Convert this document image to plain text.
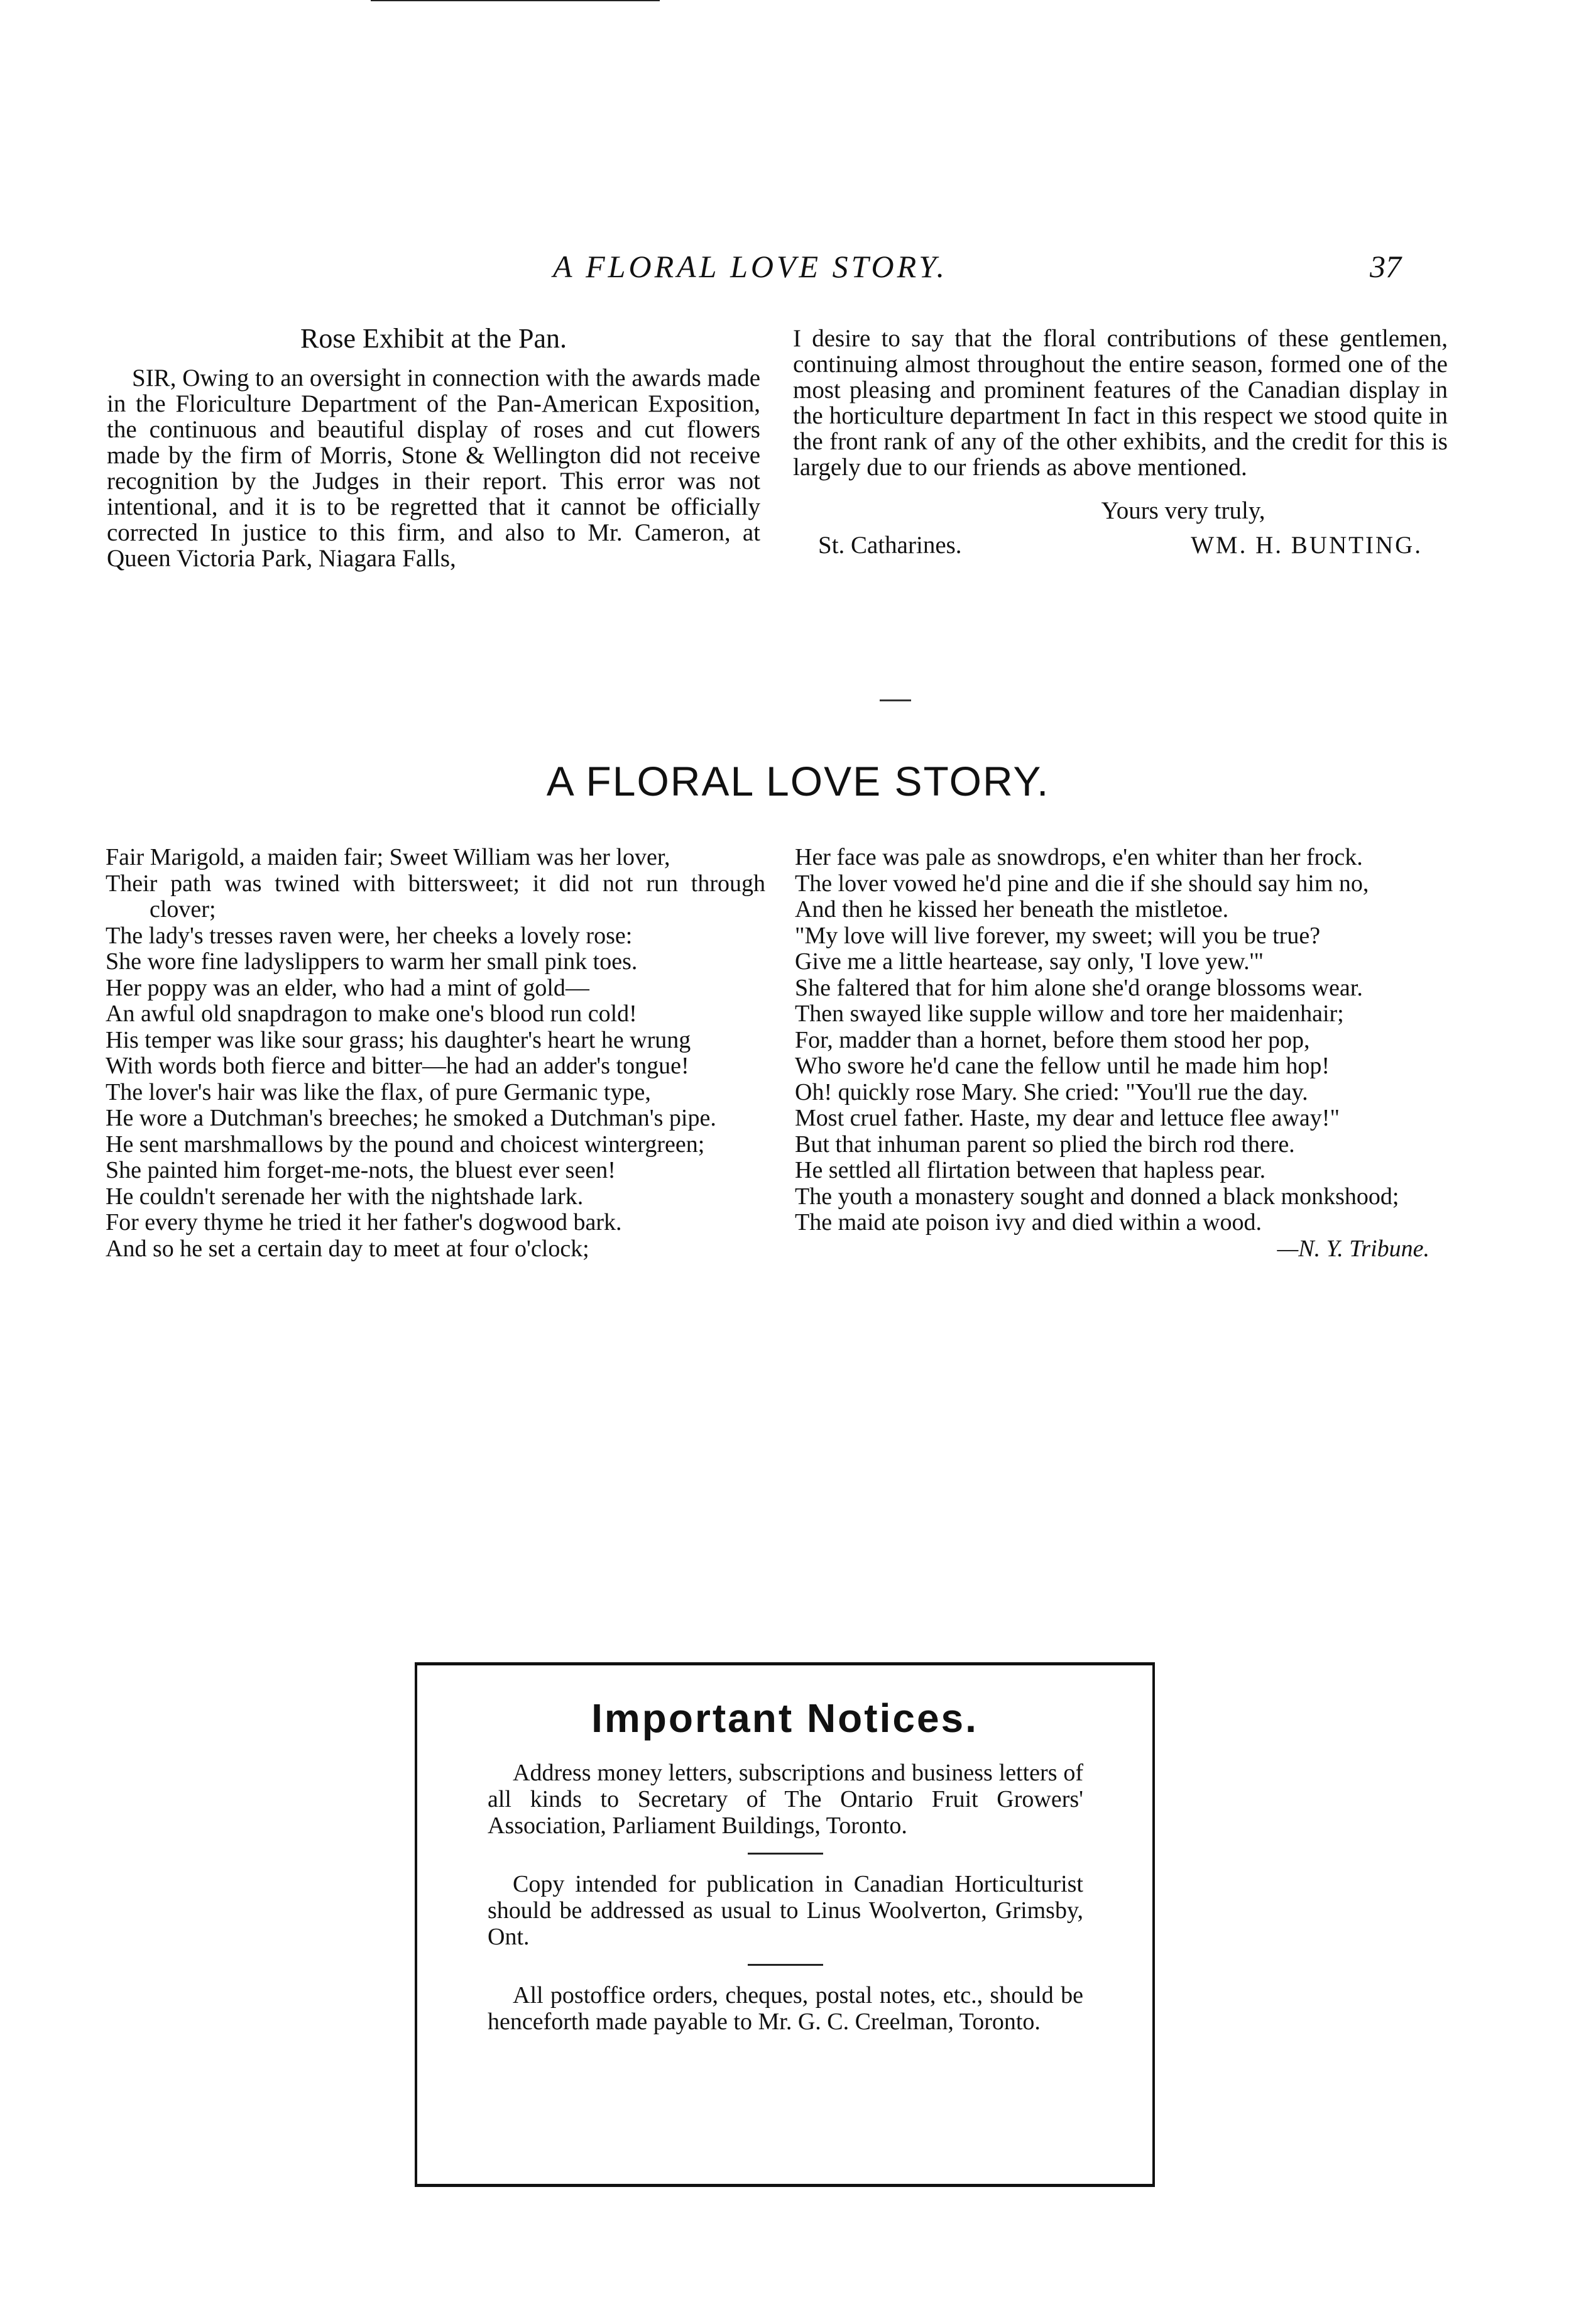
A FLORAL LOVE STORY.	37

Rose Exhibit at the Pan.

SIR, Owing to an oversight in connection with the awards made in the Floriculture Department of the Pan-American Exposition, the continuous and beautiful display of roses and cut flowers made by the firm of Morris, Stone & Wellington did not receive recognition by the Judges in their report. This error was not intentional, and it is to be regretted that it cannot be officially corrected In justice to this firm, and also to Mr. Cameron, at Queen Victoria Park, Niagara Falls,

I desire to say that the floral contributions of these gentlemen, continuing almost throughout the entire season, formed one of the most pleasing and prominent features of the Canadian display in the horticulture department In fact in this respect we stood quite in the front rank of any of the other exhibits, and the credit for this is largely due to our friends as above mentioned.

Yours very truly,

St. Catharines.	WM. H. BUNTING.
A FLORAL LOVE STORY.
Fair Marigold, a maiden fair; Sweet William was her lover,
Their path was twined with bittersweet; it did not run through clover;
The lady's tresses raven were, her cheeks a lovely rose:
She wore fine ladyslippers to warm her small pink toes.
Her poppy was an elder, who had a mint of gold—
An awful old snapdragon to make one's blood run cold!
His temper was like sour grass; his daughter's heart he wrung
With words both fierce and bitter—he had an adder's tongue!
The lover's hair was like the flax, of pure Germanic type,
He wore a Dutchman's breeches; he smoked a Dutchman's pipe.
He sent marshmallows by the pound and choicest wintergreen;
She painted him forget-me-nots, the bluest ever seen!
He couldn't serenade her with the nightshade lark.
For every thyme he tried it her father's dogwood bark.
And so he set a certain day to meet at four o'clock;
Her face was pale as snowdrops, e'en whiter than her frock.
The lover vowed he'd pine and die if she should say him no,
And then he kissed her beneath the mistletoe.
"My love will live forever, my sweet; will you be true?
Give me a little heartease, say only, 'I love yew.'"
She faltered that for him alone she'd orange blossoms wear.
Then swayed like supple willow and tore her maidenhair;
For, madder than a hornet, before them stood her pop,
Who swore he'd cane the fellow until he made him hop!
Oh! quickly rose Mary. She cried: "You'll rue the day.
Most cruel father. Haste, my dear and lettuce flee away!"
But that inhuman parent so plied the birch rod there.
He settled all flirtation between that hapless pear.
The youth a monastery sought and donned a black monkshood;
The maid ate poison ivy and died within a wood.
—N. Y. Tribune.
Important Notices.

Address money letters, subscriptions and business letters of all kinds to Secretary of The Ontario Fruit Growers' Association, Parliament Buildings, Toronto.

Copy intended for publication in Canadian Horticulturist should be addressed as usual to Linus Woolverton, Grimsby, Ont.

All postoffice orders, cheques, postal notes, etc., should be henceforth made payable to Mr. G. C. Creelman, Toronto.
